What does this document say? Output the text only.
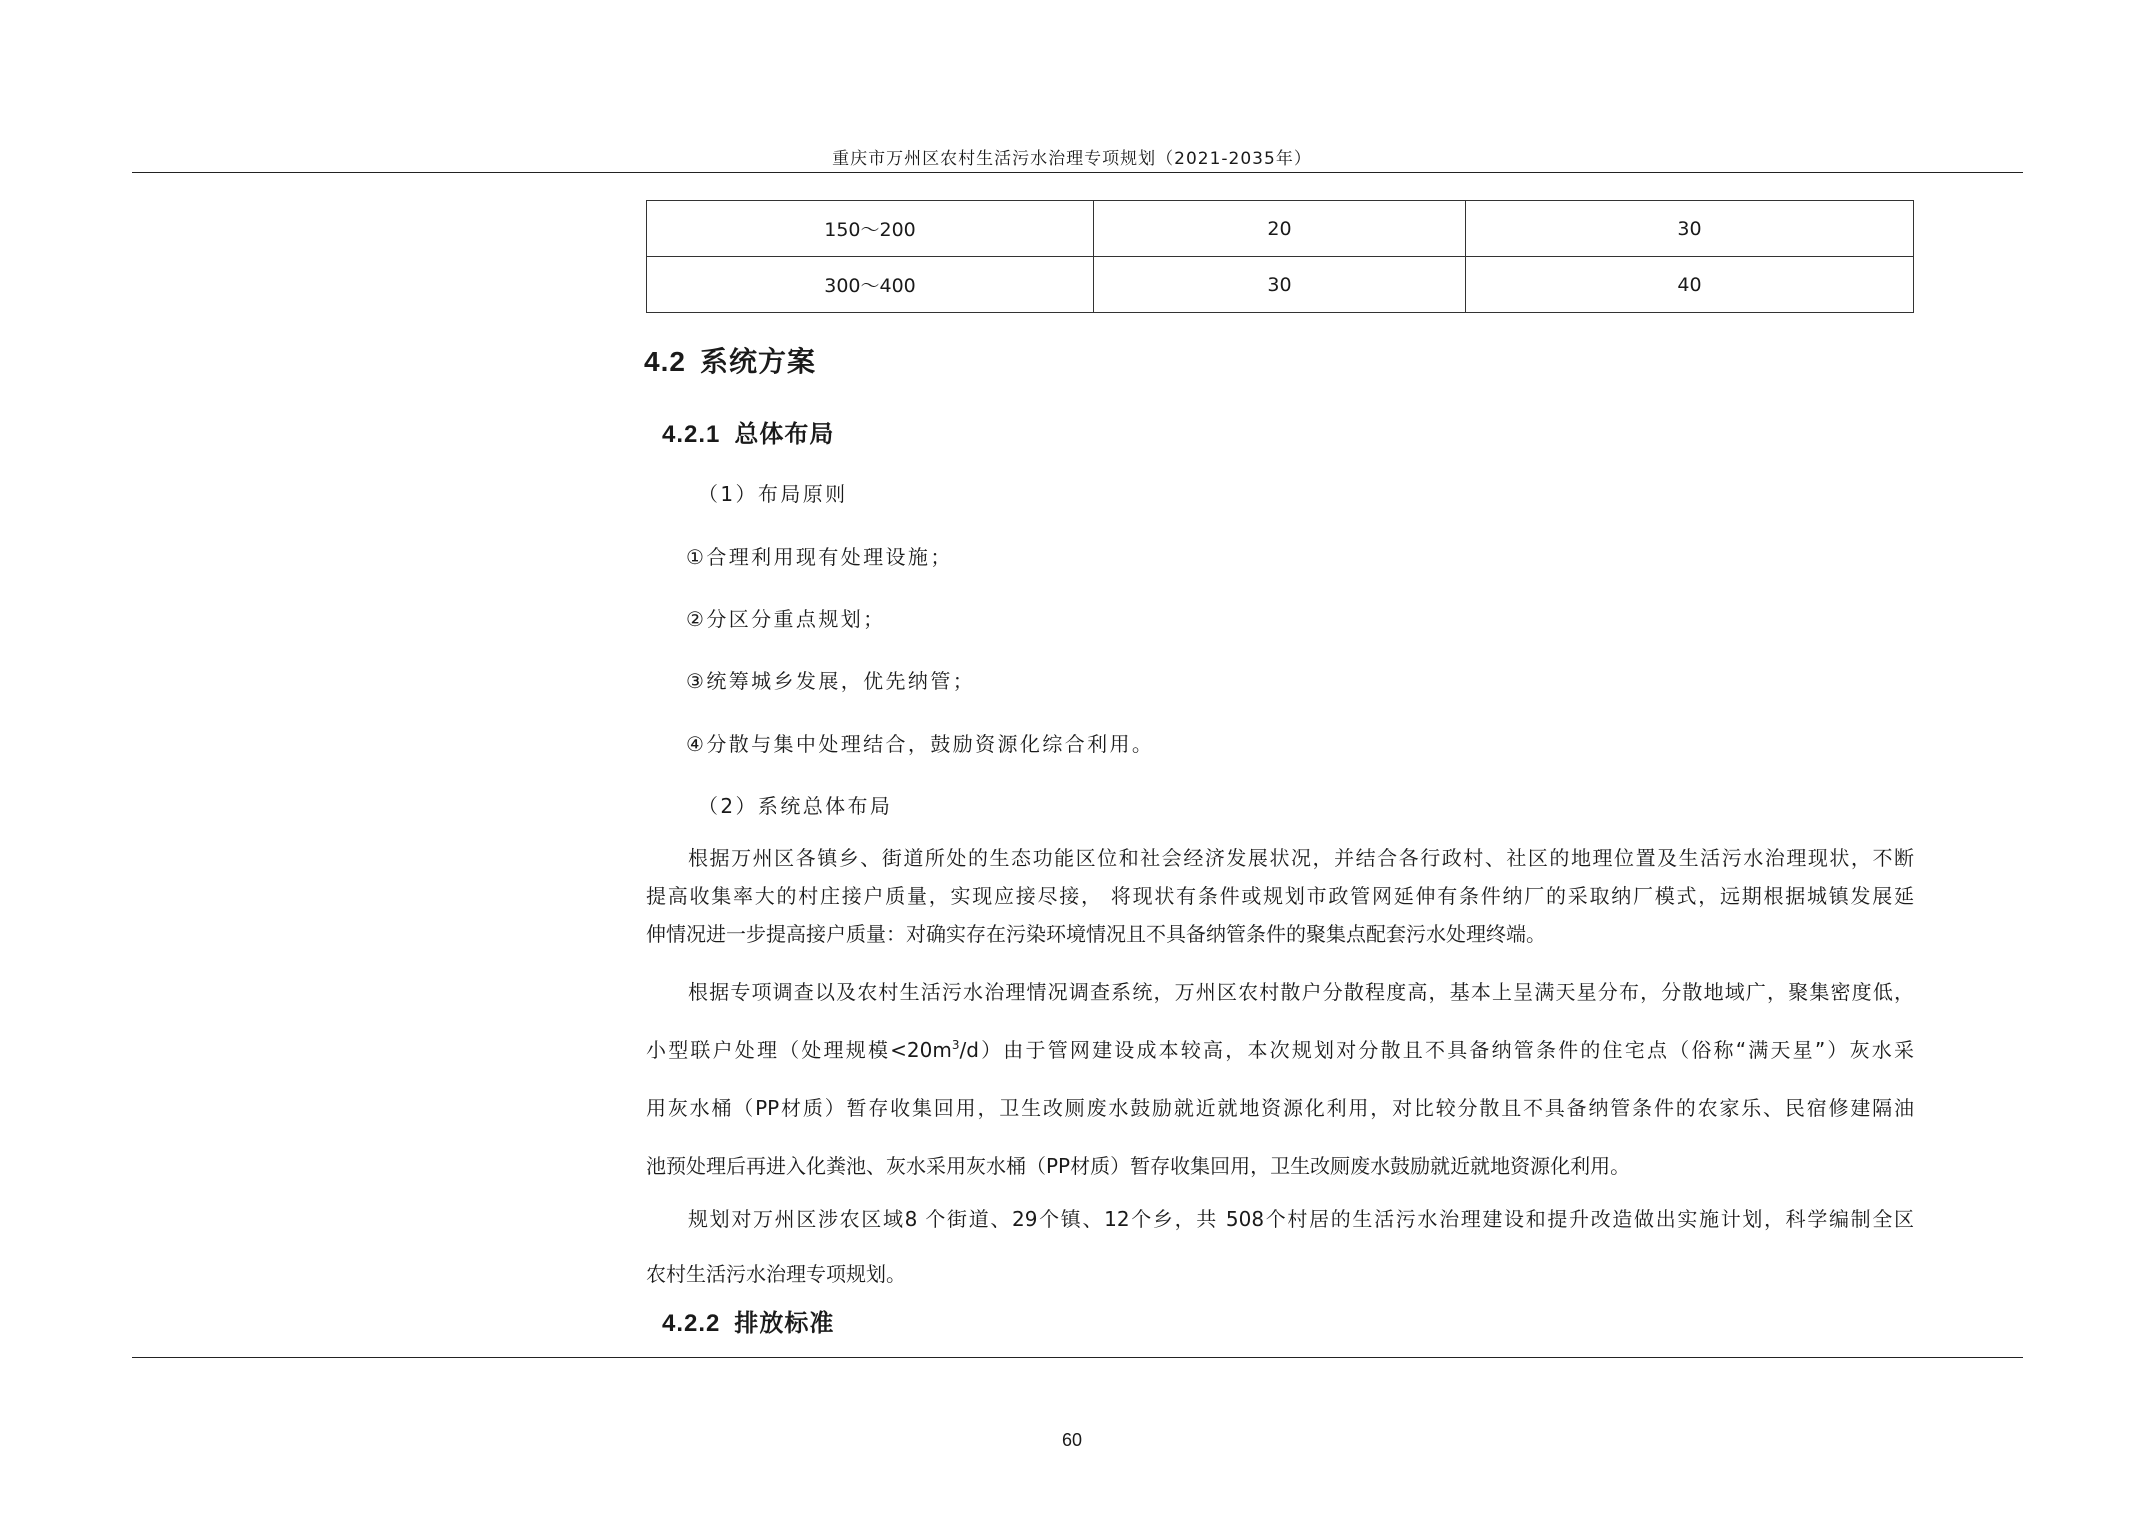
重庆市万州区农村生活污水治理专项规划（2021-2035年）
150～200	20	30
300～400	30	40
4.2 系统方案
4.2.1 总体布局
（1）布局原则
①合理利用现有处理设施；
②分区分重点规划；
③统筹城乡发展，优先纳管；
④分散与集中处理结合，鼓励资源化综合利用。
（2）系统总体布局
根据万州区各镇乡、街道所处的生态功能区位和社会经济发展状况，并结合各行政村、社区的地理位置及生活污水治理现状，不断
提高收集率大的村庄接户质量，实现应接尽接， 将现状有条件或规划市政管网延伸有条件纳厂的采取纳厂模式，远期根据城镇发展延
伸情况进一步提高接户质量：对确实存在污染环境情况且不具备纳管条件的聚集点配套污水处理终端。
根据专项调查以及农村生活污水治理情况调查系统，万州区农村散户分散程度高，基本上呈满天星分布，分散地域广，聚集密度低，
小型联户处理（处理规模$<20m^3/d$）由于管网建设成本较高，本次规划对分散且不具备纳管条件的住宅点（俗称“满天星”）灰水采
用灰水桶（PP材质）暂存收集回用，卫生改厕废水鼓励就近就地资源化利用，对比较分散且不具备纳管条件的农家乐、民宿修建隔油
池预处理后再进入化粪池、灰水采用灰水桶（PP材质）暂存收集回用，卫生改厕废水鼓励就近就地资源化利用。
规划对万州区涉农区域8 个街道、29个镇、12个乡，共 508个村居的生活污水治理建设和提升改造做出实施计划，科学编制全区
农村生活污水治理专项规划。
4.2.2 排放标准
60
